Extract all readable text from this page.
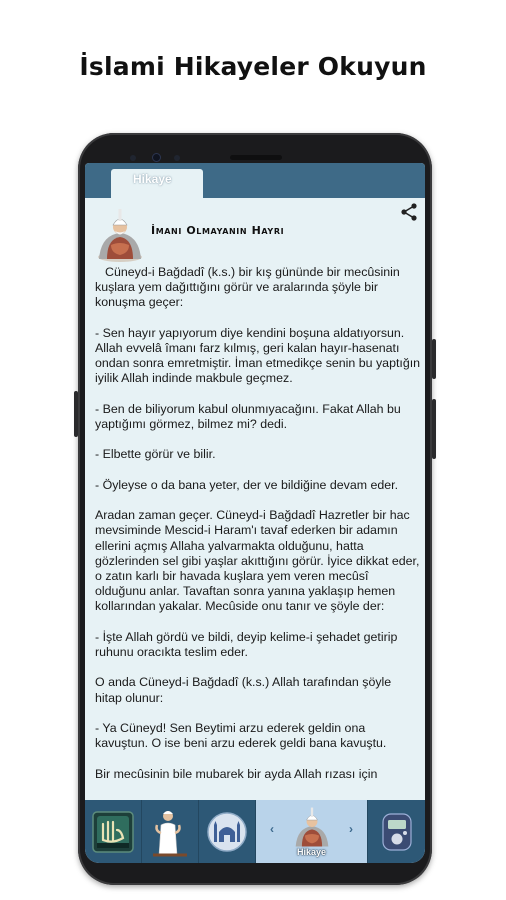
İslami Hikayeler Okuyun
Hikaye
İmanı Olmayanın Hayrı

Cüneyd-i Bağdadî (k.s.) bir kış gününde bir mecûsinin kuşlara yem dağıttığını görür ve aralarında şöyle bir konuşma geçer:

- Sen hayır yapıyorum diye kendini boşuna aldatıyorsun. Allah evvelâ îmanı farz kılmış, geri kalan hayır-hasenatı ondan sonra emretmiştir. İman etmedikçe senin bu yaptığın iyilik Allah indinde makbule geçmez.

- Ben de biliyorum kabul olunmıyacağını. Fakat Allah bu yaptığımı görmez, bilmez mi? dedi.

- Elbette görür ve bilir.

- Öyleyse o da bana yeter, der ve bildiğine devam eder.

Aradan zaman geçer. Cüneyd-i Bağdadî Hazretler bir hac mevsiminde Mescid-i Haram'ı tavaf ederken bir adamın ellerini açmış Allaha yalvarmakta olduğunu, hatta gözlerinden sel gibi yaşlar akıttığını görür. İyice dikkat eder, o zatın karlı bir havada kuşlara yem veren mecûsî olduğunu anlar. Tavaftan sonra yanına yaklaşıp hemen kollarından yakalar. Mecûside onu tanır ve şöyle der:

- İşte Allah gördü ve bildi, deyip kelime-i şehadet getirip ruhunu oracıkta teslim eder.

O anda Cüneyd-i Bağdadî (k.s.) Allah tarafından şöyle hitap olunur:

- Ya Cüneyd! Sen Beytimi arzu ederek geldin ona kavuştun. O ise beni arzu ederek geldi bana kavuştu.

Bir mecûsinin bile mubarek bir ayda Allah rızası için

‹	›
Hikaye
